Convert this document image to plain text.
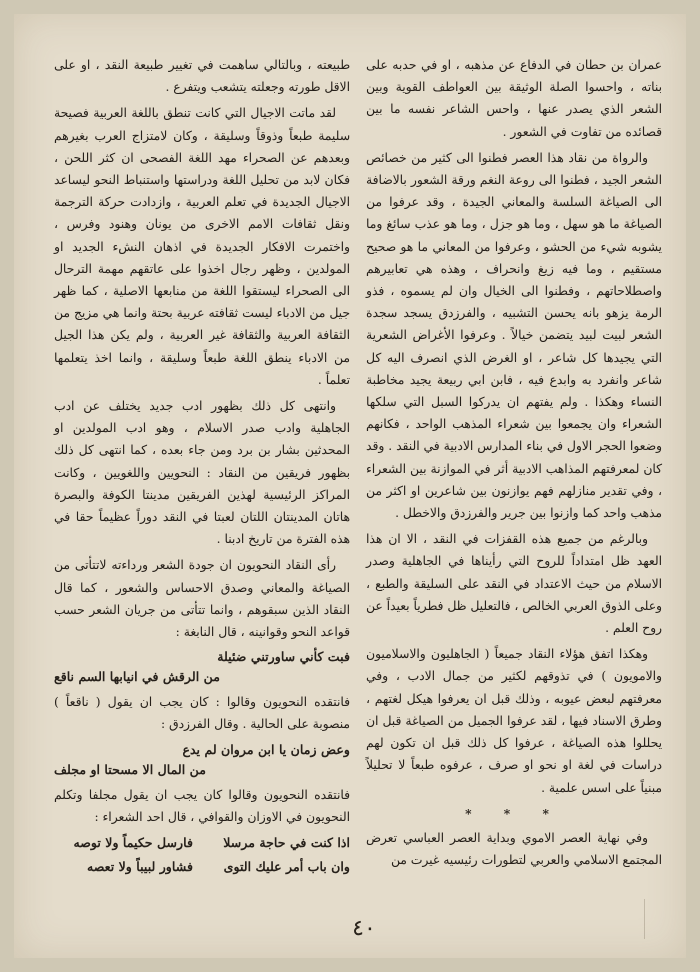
عمران بن حطان في الدفاع عن مذهبه ، او في حدبه على بناته ، واحسوا الصلة الوثيقة بين العواطف القوية وبين الشعر الذي يصدر عنها ، واحس الشاعر نفسه ما بين قصائده من تفاوت في الشعور .

والرواة من نقاد هذا العصر فطنوا الى كثير من خصائص الشعر الجيد ، فطنوا الى روعة النغم ورقة الشعور بالاضافة الى الصياغة السلسة والمعاني الجيدة ، وقد عرفوا من الصياغة ما هو سهل ، وما هو جزل ، وما هو عذب سائغ وما يشوبه شيء من الحشو ، وعرفوا من المعاني ما هو صحيح مستقيم ، وما فيه زيغ وانحراف ، وهذه هي تعابيرهم واصطلاحاتهم ، وفطنوا الى الخيال وان لم يسموه ، فذو الرمة يزهو بانه يحسن التشبيه ، والفرزدق يسجد سجدة الشعر لبيت لبيد يتضمن خيالاً . وعرفوا الأغراض الشعرية التي يجيدها كل شاعر ، او الغرض الذي انصرف اليه كل شاعر وانفرد به وابدع فيه ، فابن ابي ربيعة يجيد مخاطبة النساء وهكذا . ولم يفتهم ان يدركوا السبل التي سلكها الشعراء وان يجمعوا بين شعراء المذهب الواحد ، فكانهم وضعوا الحجر الاول في بناء المدارس الادبية في النقد . وقد كان لمعرفتهم المذاهب الادبية أثر في الموازنة بين الشعراء ، وفي تقدير منازلهم فهم يوازنون بين شاعرين او اكثر من مذهب واحد كما وازنوا بين جرير والفرزدق والاخطل .

وبالرغم من جميع هذه القفزات في النقد ، الا ان هذا العهد ظل امتداداً للروح التي رأيناها في الجاهلية وصدر الاسلام من حيث الاعتداد في النقد على السليقة والطبع ، وعلى الذوق العربي الخالص ، فالتعليل ظل فطرياً بعيداً عن روح العلم .

وهكذا اتفق هؤلاء النقاد جميعاً ( الجاهليون والاسلاميون والامويون ) في تذوقهم لكثير من جمال الادب ، وفي معرفتهم لبعض عيوبه ، وذلك قبل ان يعرفوا هيكل لغتهم ، وطرق الاسناد فيها ، لقد عرفوا الجميل من الصياغة قبل ان يحللوا هذه الصياغة ، عرفوا كل ذلك قبل ان تكون لهم دراسات في لغة او نحو او صرف ، عرفوه طبعاً لا تحليلاً مبنياً على اسس علمية .

* * *

وفي نهاية العصر الاموي وبداية العصر العباسي تعرض المجتمع الاسلامي والعربي لتطورات رئيسيه غيرت من

طبيعته ، وبالتالي ساهمت في تغيير طبيعة النقد ، او على الاقل طورته وجعلته يتشعب ويتفرع .

لقد ماتت الاجيال التي كانت تنطق باللغة العربية فصيحة سليمة طبعاً وذوقاً وسليقة ، وكان لامتزاج العرب بغيرهم وبعدهم عن الصحراء مهد اللغة الفصحى ان كثر اللحن ، فكان لابد من تحليل اللغة ودراستها واستنباط النحو ليساعد الاجيال الجديدة في تعلم العربية ، وازدادت حركة الترجمة ونقل ثقافات الامم الاخرى من يونان وهنود وفرس ، واختمرت الافكار الجديدة في اذهان النشء الجديد او المولدين ، وظهر رجال اخذوا على عاتقهم مهمة الترحال الى الصحراء ليستقوا اللغة من منابعها الاصلية ، كما ظهر جيل من الادباء ليست ثقافته عربية بحتة وانما هي مزيج من الثقافة العربية والثقافة غير العربية ، ولم يكن هذا الجيل من الادباء ينطق اللغة طبعاً وسليقة ، وانما اخذ يتعلمها تعلماً .

وانتهى كل ذلك بظهور ادب جديد يختلف عن ادب الجاهلية وادب صدر الاسلام ، وهو ادب المولدين او المحدثين بشار بن برد ومن جاء بعده ، كما انتهى كل ذلك بظهور فريقين من النقاد : النحويين واللغويين ، وكانت المراكز الرئيسية لهذين الفريقين مدينتا الكوفة والبصرة هاتان المدينتان اللتان لعبتا في النقد دوراً عظيماً حقا في هذه الفترة من تاريخ ادبنا .

رأى النقاد النحويون ان جودة الشعر ورداءته لاتتأتى من الصياغة والمعاني وصدق الاحساس والشعور ، كما قال النقاد الذين سبقوهم ، وانما تتأتى من جريان الشعر حسب قواعد النحو وقوانينه ، قال النابغة :

فبت كأني ساورتني ضئيلة
من الرقش في انيابها السم ناقع

فانتقده النحويون وقالوا : كان يجب ان يقول ( ناقعاً ) منصوبة على الحالية . وقال الفرزدق :

وعض زمان يا ابن مروان لم يدع
من المال الا مسحتا او مجلف

فانتقده النحويون وقالوا كان يجب ان يقول مجلفا وتكلم النحويون في الاوزان والقوافي ، قال احد الشعراء :

اذا كنت في حاجة مرسلا
فارسل حكيماً ولا توصه
وان باب أمر عليك التوى
فشاور لبيباً ولا تعصه
٤٠
